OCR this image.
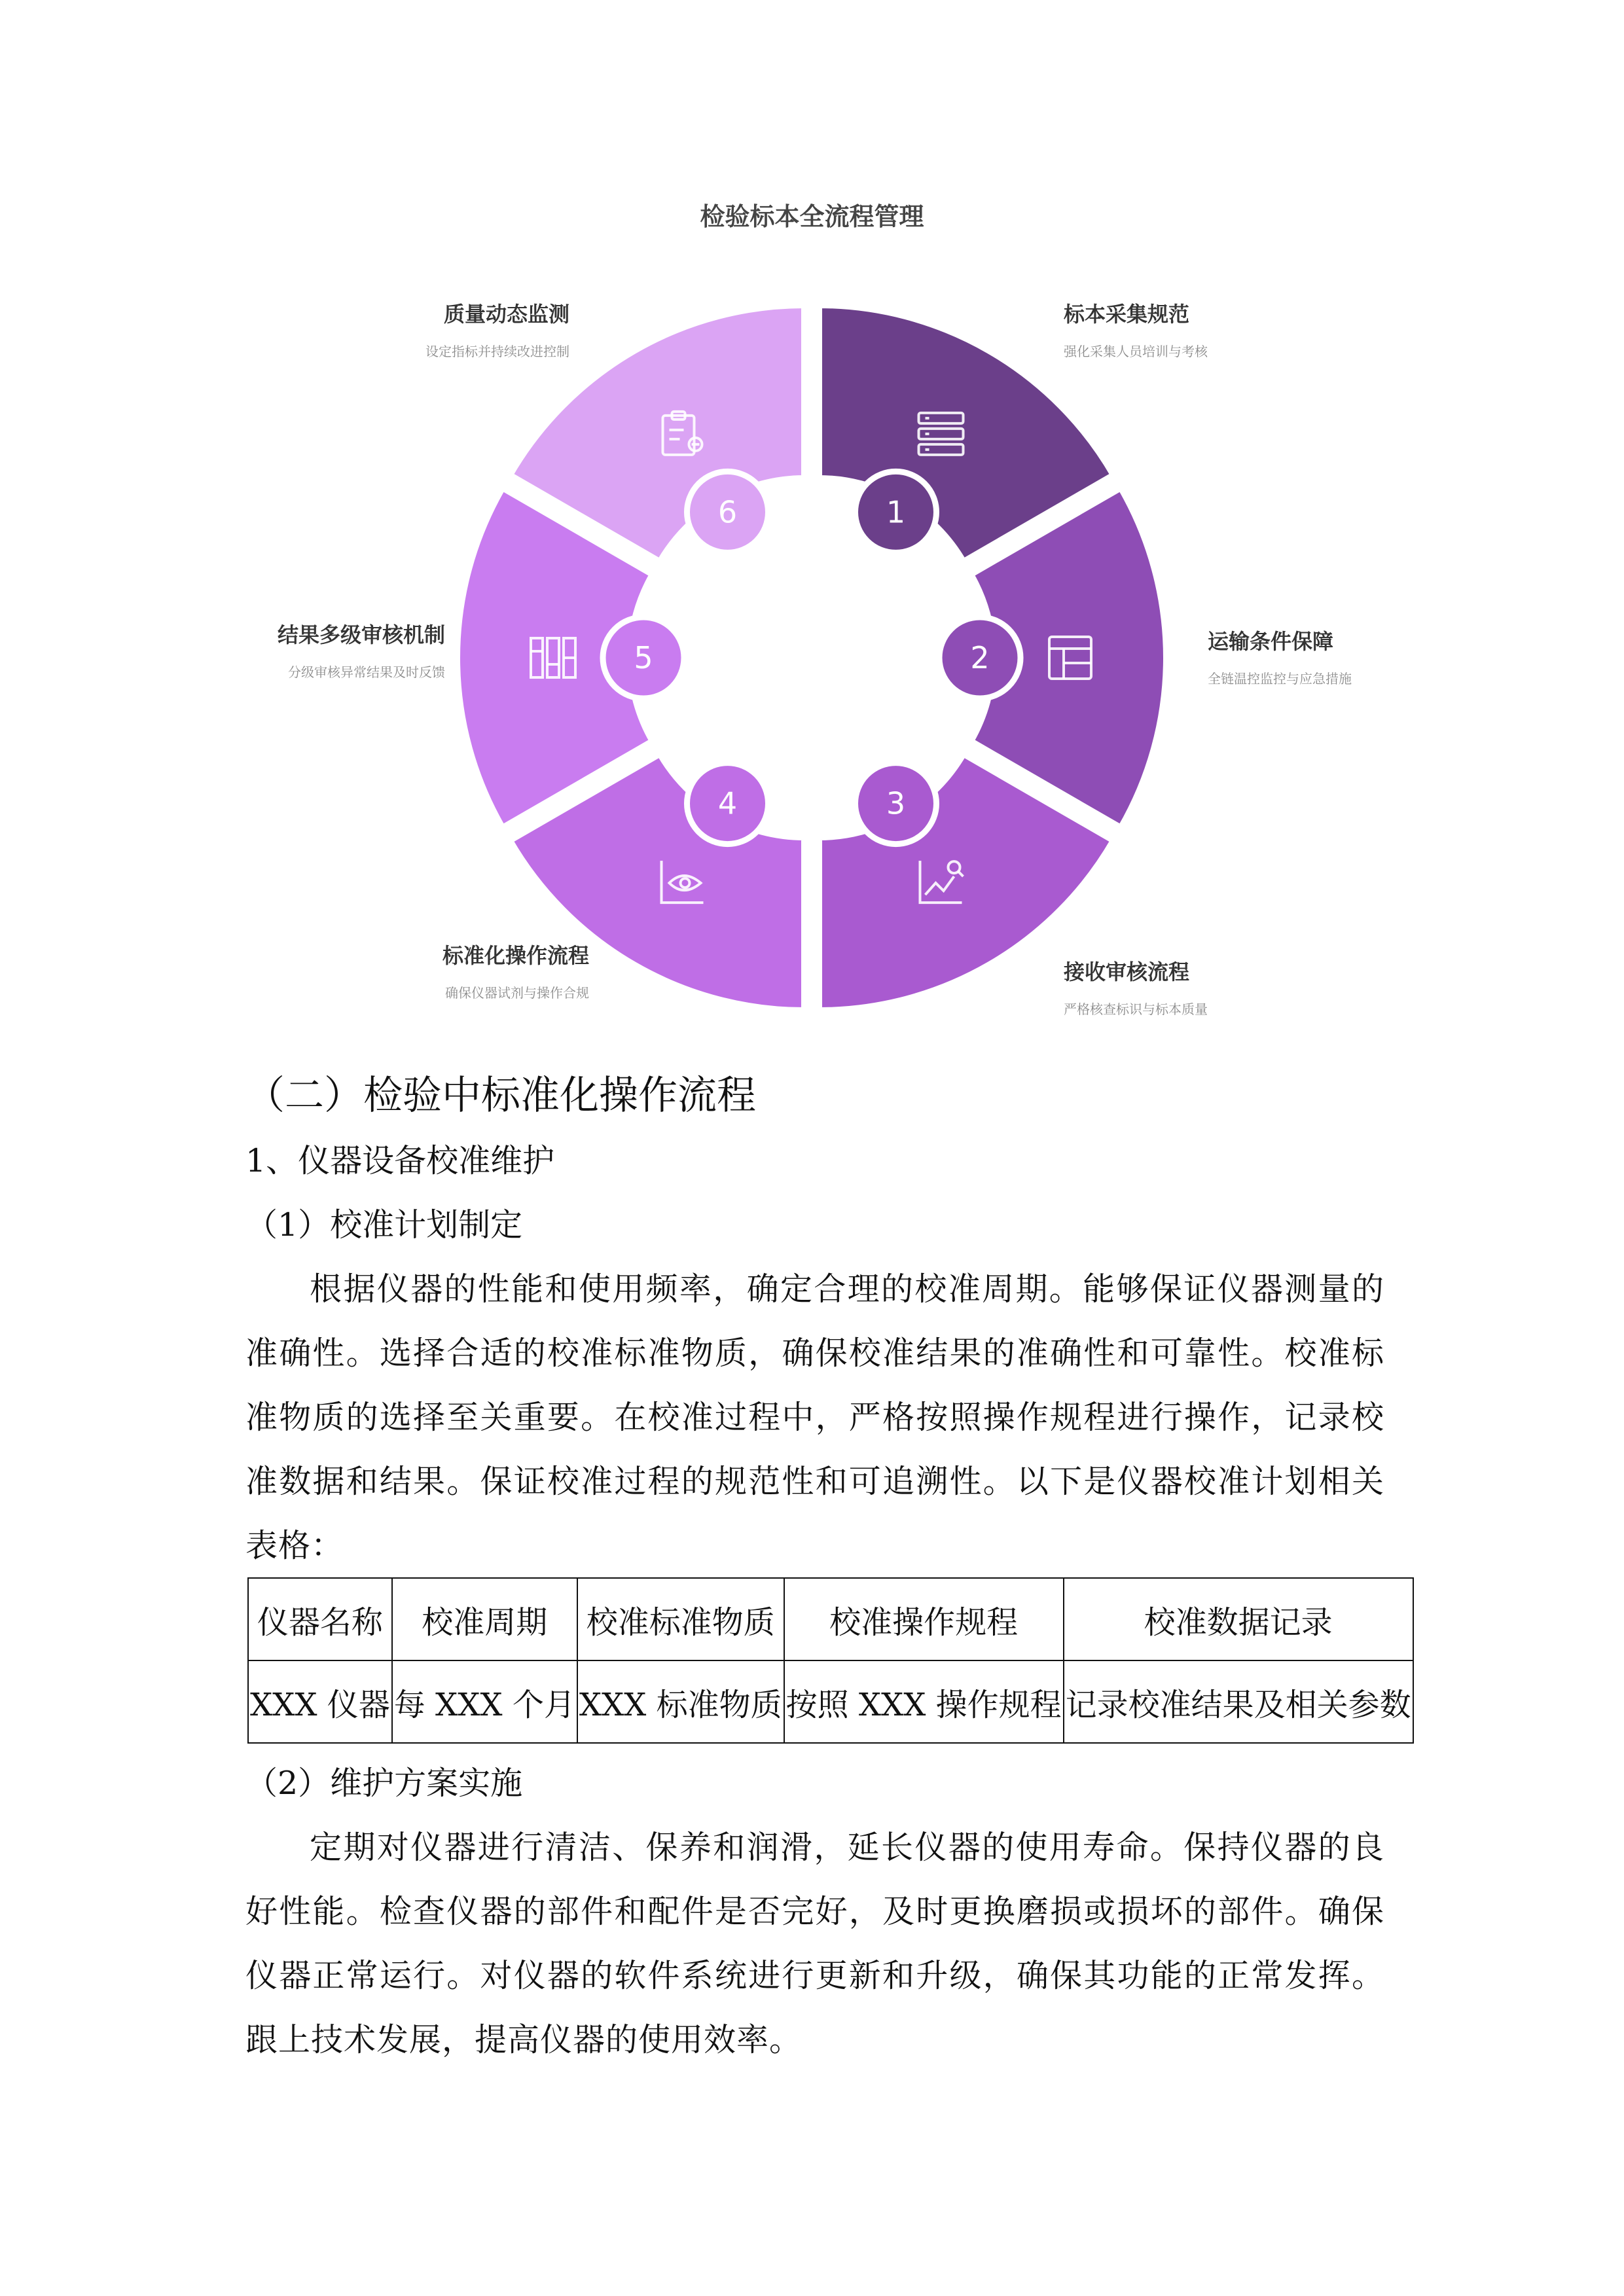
检验标本全流程管理
1
2
3
4
5
6
标本采集规范
强化采集人员培训与考核
运输条件保障
全链温控监控与应急措施
接收审核流程
严格核查标识与标本质量
标准化操作流程
确保仪器试剂与操作合规
结果多级审核机制
分级审核异常结果及时反馈
质量动态监测
设定指标并持续改进控制
（二）检验中标准化操作流程
1、仪器设备校准维护
（1）校准计划制定
根据仪器的性能和使用频率，确定合理的校准周期。能够保证仪器测量的准确性。选择合适的校准标准物质，确保校准结果的准确性和可靠性。校准标准物质的选择至关重要。在校准过程中，严格按照操作规程进行操作，记录校准数据和结果。保证校准过程的规范性和可追溯性。以下是仪器校准计划相关表格：
仪器名称	校准周期	校准标准物质	校准操作规程	校准数据记录
XXX 仪器	每 XXX 个月	XXX 标准物质	按照 XXX 操作规程	记录校准结果及相关参数
（2）维护方案实施
定期对仪器进行清洁、保养和润滑，延长仪器的使用寿命。保持仪器的良好性能。检查仪器的部件和配件是否完好，及时更换磨损或损坏的部件。确保仪器正常运行。对仪器的软件系统进行更新和升级，确保其功能的正常发挥。跟上技术发展，提高仪器的使用效率。
